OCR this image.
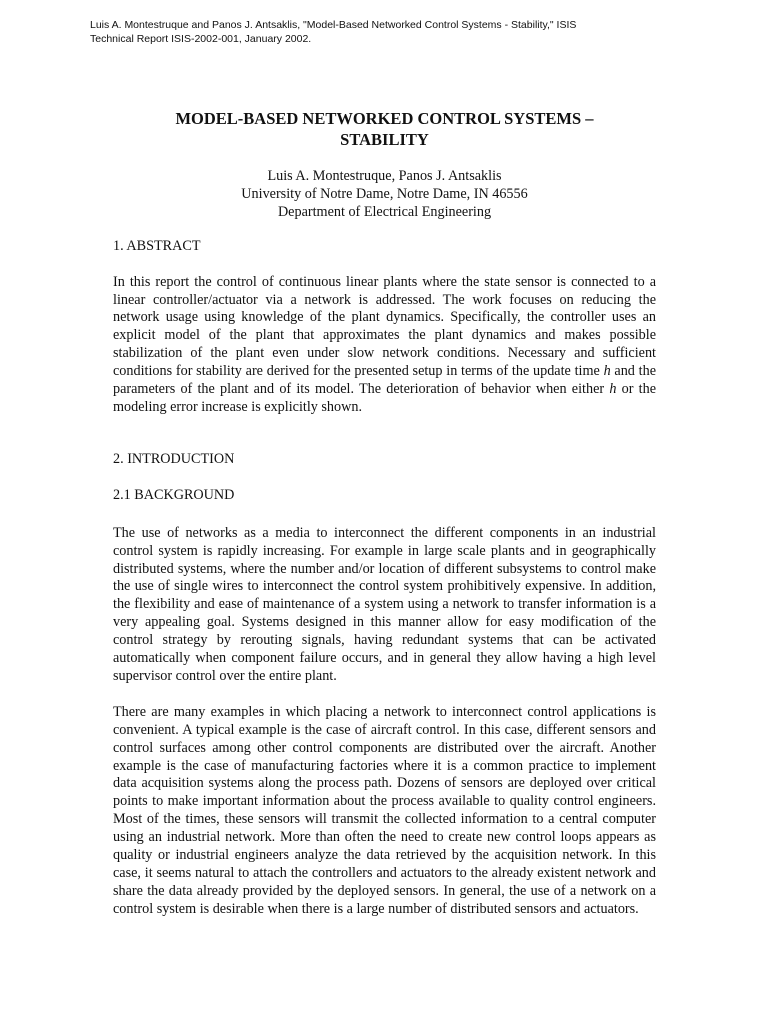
Luis A. Montestruque and Panos J. Antsaklis, "Model-Based Networked Control Systems - Stability," ISIS
Technical Report ISIS-2002-001, January 2002.
MODEL-BASED NETWORKED CONTROL SYSTEMS –
STABILITY
Luis A. Montestruque, Panos J. Antsaklis
University of Notre Dame, Notre Dame, IN 46556
Department of Electrical Engineering
1. ABSTRACT

In this report the control of continuous linear plants where the state sensor is connected to a linear controller/actuator via a network is addressed. The work focuses on reducing the network usage using knowledge of the plant dynamics. Specifically, the controller uses an explicit model of the plant that approximates the plant dynamics and makes possible stabilization of the plant even under slow network conditions. Necessary and sufficient conditions for stability are derived for the presented setup in terms of the update time h and the parameters of the plant and of its model. The deterioration of behavior when either h or the modeling error increase is explicitly shown.

2. INTRODUCTION
2.1 BACKGROUND

The use of networks as a media to interconnect the different components in an industrial control system is rapidly increasing. For example in large scale plants and in geographically distributed systems, where the number and/or location of different subsystems to control make the use of single wires to interconnect the control system prohibitively expensive. In addition, the flexibility and ease of maintenance of a system using a network to transfer information is a very appealing goal. Systems designed in this manner allow for easy modification of the control strategy by rerouting signals, having redundant systems that can be activated automatically when component failure occurs, and in general they allow having a high level supervisor control over the entire plant.

There are many examples in which placing a network to interconnect control applications is convenient. A typical example is the case of aircraft control. In this case, different sensors and control surfaces among other control components are distributed over the aircraft. Another example is the case of manufacturing factories where it is a common practice to implement data acquisition systems along the process path. Dozens of sensors are deployed over critical points to make important information about the process available to quality control engineers. Most of the times, these sensors will transmit the collected information to a central computer using an industrial network. More than often the need to create new control loops appears as quality or industrial engineers analyze the data retrieved by the acquisition network. In this case, it seems natural to attach the controllers and actuators to the already existent network and share the data already provided by the deployed sensors. In general, the use of a network on a control system is desirable when there is a large number of distributed sensors and actuators.
